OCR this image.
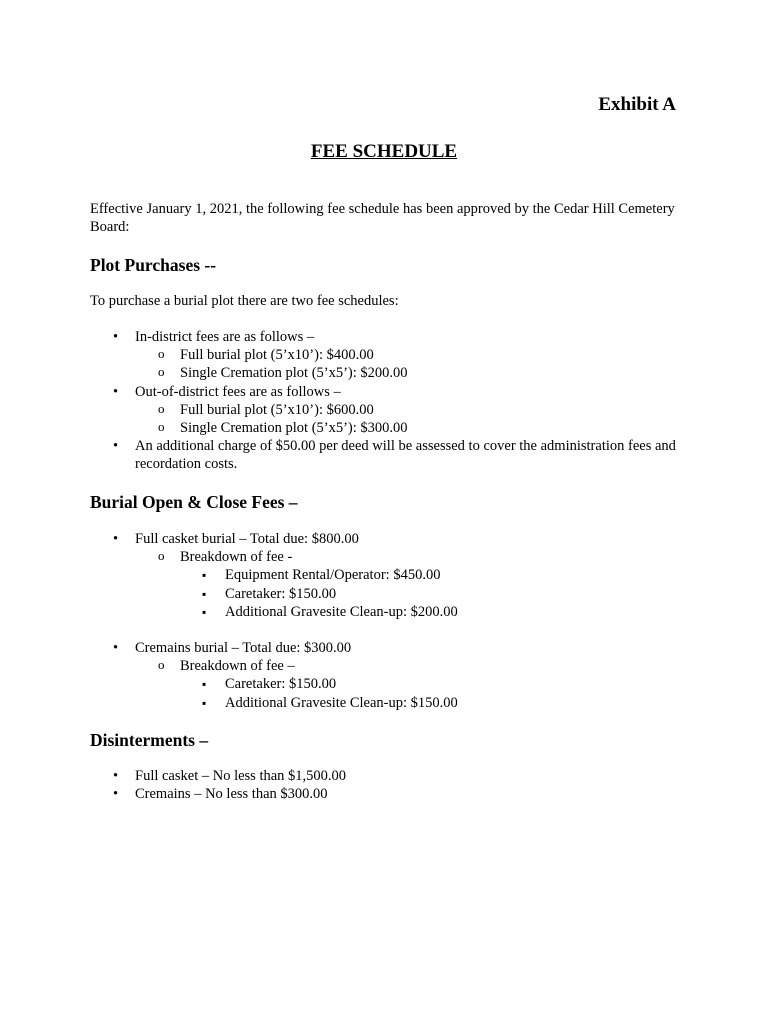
Exhibit A

FEE SCHEDULE

Effective January 1, 2021, the following fee schedule has been approved by the Cedar Hill Cemetery Board:

Plot Purchases --

To purchase a burial plot there are two fee schedules:

• In-district fees are as follows –
o Full burial plot (5’x10’): $400.00
o Single Cremation plot (5’x5’): $200.00
• Out-of-district fees are as follows –
o Full burial plot (5’x10’): $600.00
o Single Cremation plot (5’x5’): $300.00
• An additional charge of $50.00 per deed will be assessed to cover the administration fees and recordation costs.

Burial Open & Close Fees –

• Full casket burial – Total due: $800.00
o Breakdown of fee -
▪ Equipment Rental/Operator: $450.00
▪ Caretaker: $150.00
▪ Additional Gravesite Clean-up: $200.00
• Cremains burial – Total due: $300.00
o Breakdown of fee –
▪ Caretaker: $150.00
▪ Additional Gravesite Clean-up: $150.00

Disinterments –

• Full casket – No less than $1,500.00
• Cremains – No less than $300.00
